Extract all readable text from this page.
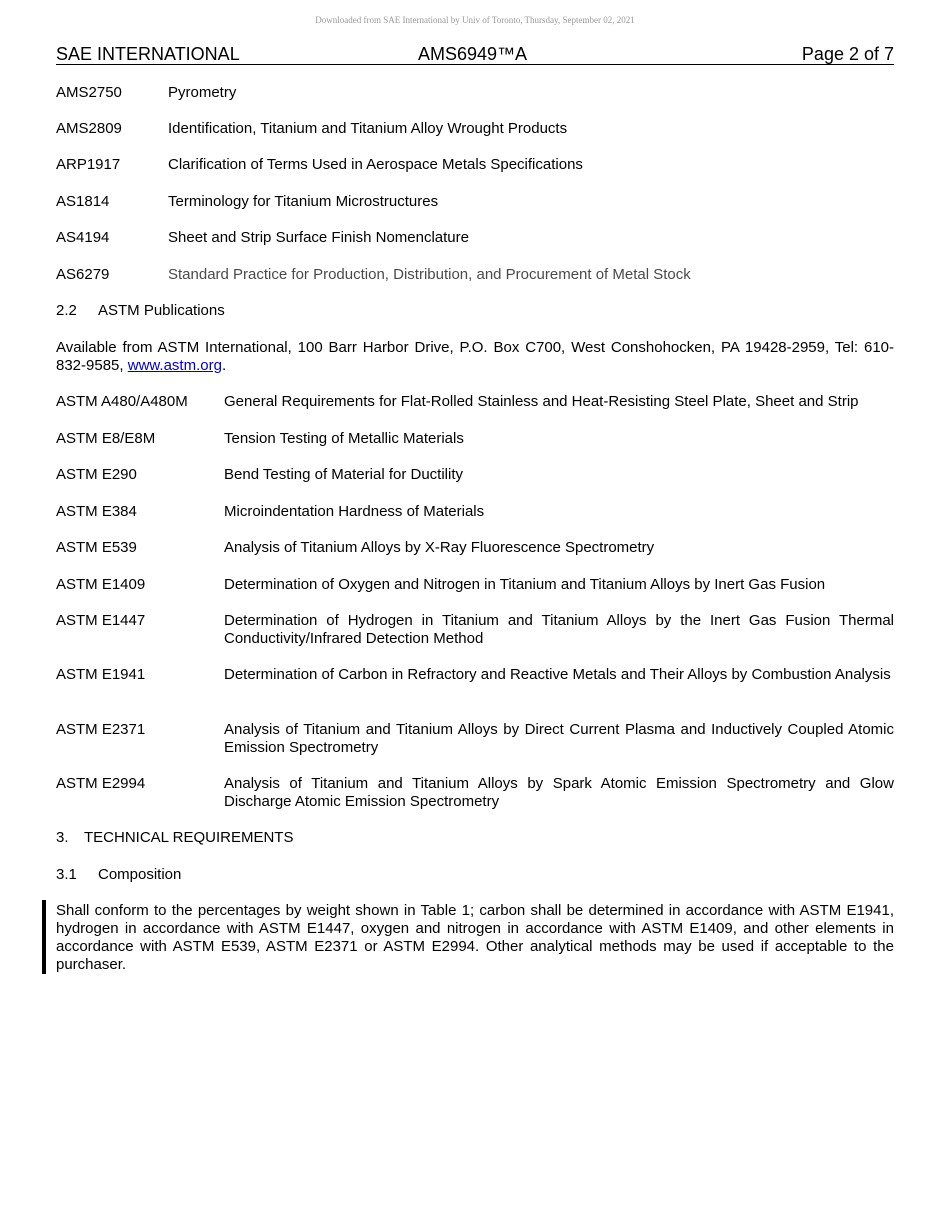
Downloaded from SAE International by Univ of Toronto, Thursday, September 02, 2021
SAE INTERNATIONAL	AMS6949™A	Page 2 of 7
AMS2750	Pyrometry
AMS2809	Identification, Titanium and Titanium Alloy Wrought Products
ARP1917	Clarification of Terms Used in Aerospace Metals Specifications
AS1814	Terminology for Titanium Microstructures
AS4194	Sheet and Strip Surface Finish Nomenclature
AS6279	Standard Practice for Production, Distribution, and Procurement of Metal Stock
2.2 ASTM Publications
Available from ASTM International, 100 Barr Harbor Drive, P.O. Box C700, West Conshohocken, PA 19428-2959, Tel: 610-832-9585, www.astm.org.
ASTM A480/A480M General Requirements for Flat-Rolled Stainless and Heat-Resisting Steel Plate, Sheet and Strip
ASTM E8/E8M	Tension Testing of Metallic Materials
ASTM E290	Bend Testing of Material for Ductility
ASTM E384	Microindentation Hardness of Materials
ASTM E539	Analysis of Titanium Alloys by X-Ray Fluorescence Spectrometry
ASTM E1409	Determination of Oxygen and Nitrogen in Titanium and Titanium Alloys by Inert Gas Fusion
ASTM E1447	Determination of Hydrogen in Titanium and Titanium Alloys by the Inert Gas Fusion Thermal Conductivity/Infrared Detection Method
ASTM E1941	Determination of Carbon in Refractory and Reactive Metals and Their Alloys by Combustion Analysis
ASTM E2371	Analysis of Titanium and Titanium Alloys by Direct Current Plasma and Inductively Coupled Atomic Emission Spectrometry
ASTM E2994	Analysis of Titanium and Titanium Alloys by Spark Atomic Emission Spectrometry and Glow Discharge Atomic Emission Spectrometry
3. TECHNICAL REQUIREMENTS
3.1 Composition
Shall conform to the percentages by weight shown in Table 1; carbon shall be determined in accordance with ASTM E1941, hydrogen in accordance with ASTM E1447, oxygen and nitrogen in accordance with ASTM E1409, and other elements in accordance with ASTM E539, ASTM E2371 or ASTM E2994. Other analytical methods may be used if acceptable to the purchaser.
